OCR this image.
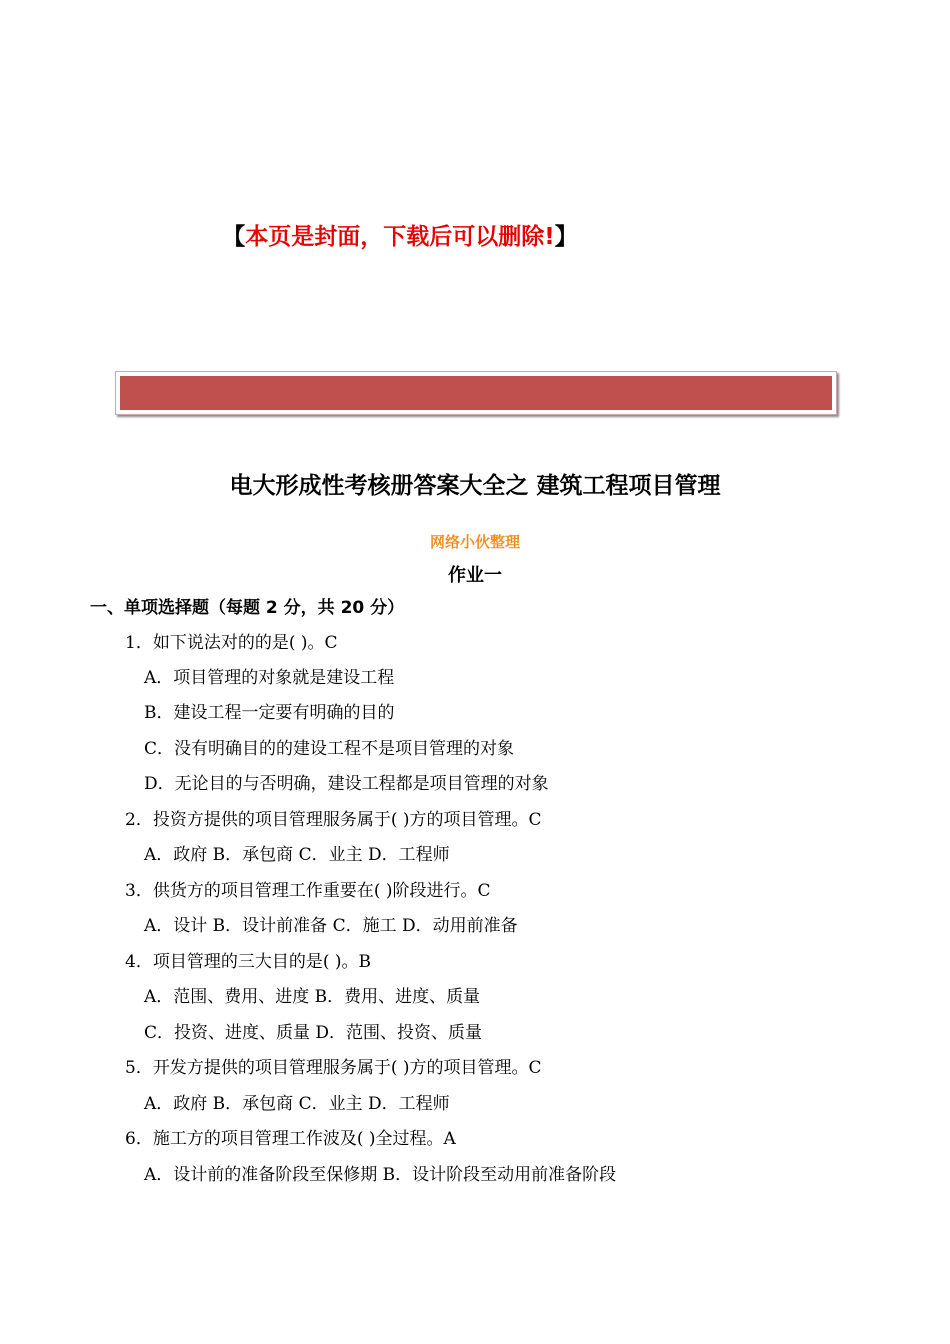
【本页是封面，下载后可以删除!】
电大形成性考核册答案大全之 建筑工程项目管理
网络小伙整理
作业一
一、单项选择题（每题 2 分，共 20 分）
1．如下说法对的的是( )。C
A．项目管理的对象就是建设工程
B．建设工程一定要有明确的目的
C．没有明确目的的建设工程不是项目管理的对象
D．无论目的与否明确，建设工程都是项目管理的对象
2．投资方提供的项目管理服务属于( )方的项目管理。C
A．政府 B．承包商 C．业主 D．工程师
3．供货方的项目管理工作重要在( )阶段进行。C
A．设计 B．设计前准备 C．施工 D．动用前准备
4．项目管理的三大目的是( )。B
A．范围、费用、进度 B．费用、进度、质量
C．投资、进度、质量 D．范围、投资、质量
5．开发方提供的项目管理服务属于( )方的项目管理。C
A．政府 B．承包商 C．业主 D．工程师
6．施工方的项目管理工作波及( )全过程。A
A．设计前的准备阶段至保修期 B．设计阶段至动用前准备阶段
